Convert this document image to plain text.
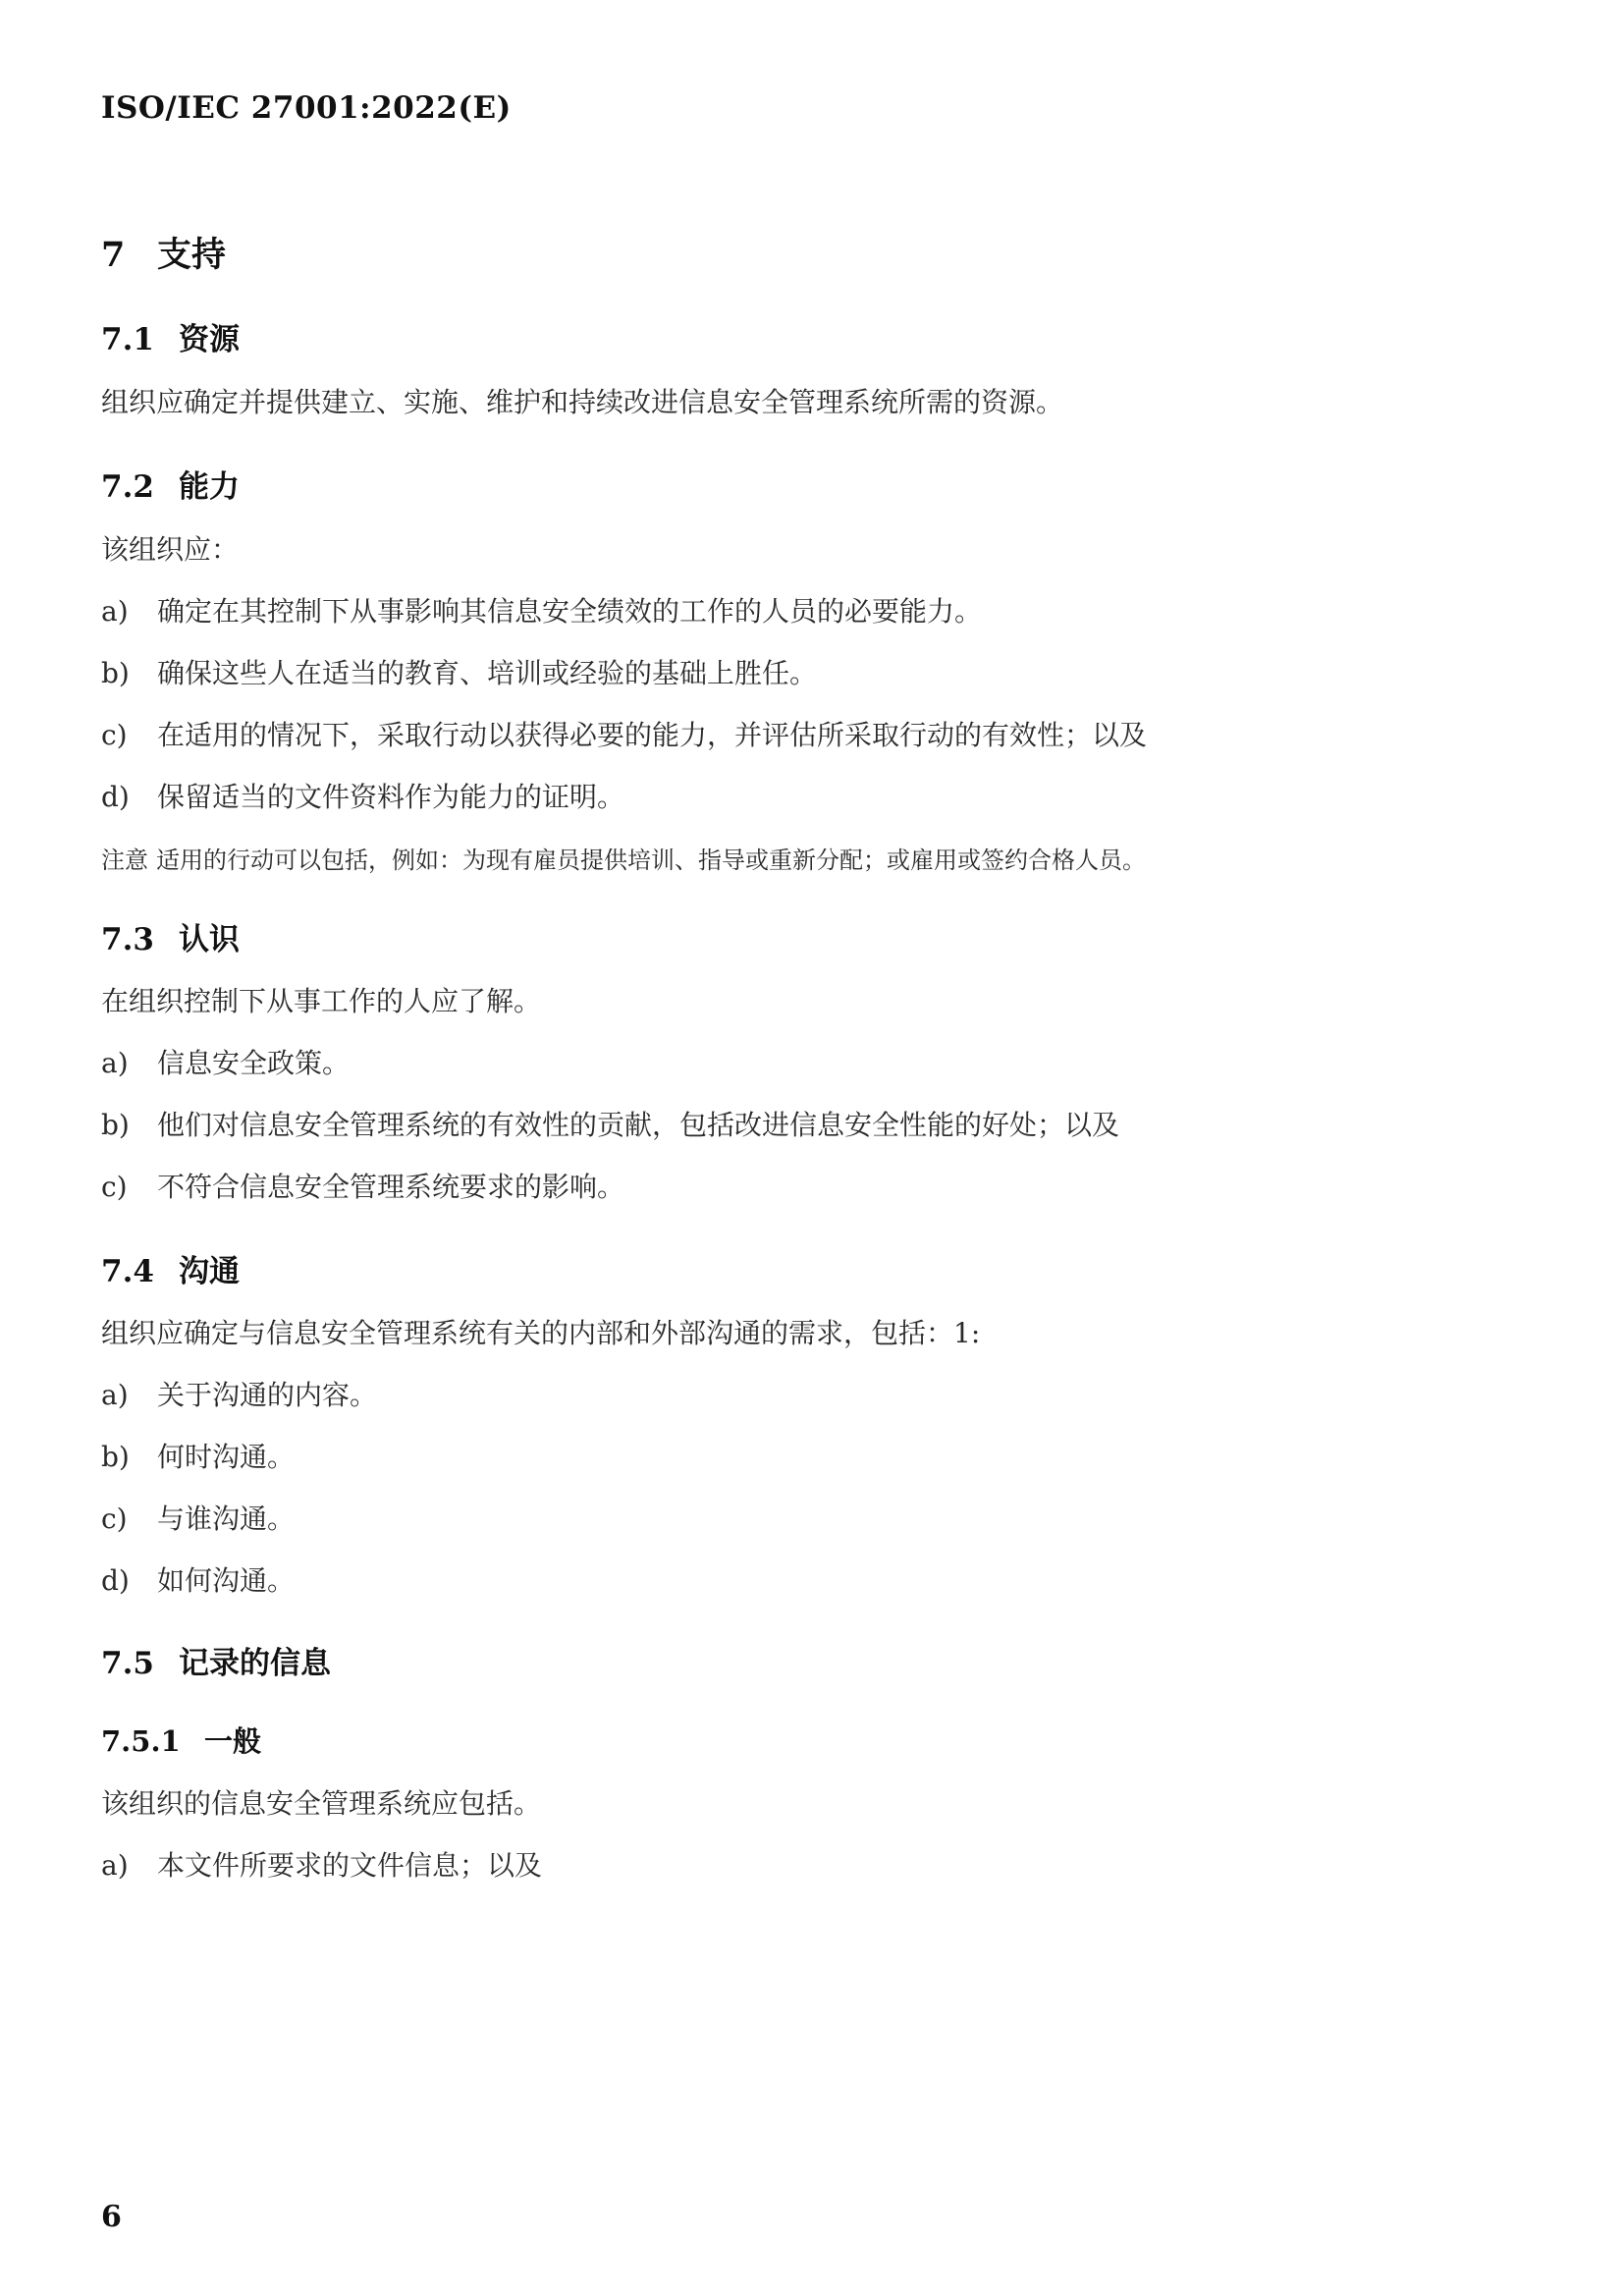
ISO/IEC 27001:2022(E)
7 支持
7.1 资源
组织应确定并提供建立、实施、维护和持续改进信息安全管理系统所需的资源。
7.2 能力
该组织应：
a) 确定在其控制下从事影响其信息安全绩效的工作的人员的必要能力。
b) 确保这些人在适当的教育、培训或经验的基础上胜任。
c) 在适用的情况下，采取行动以获得必要的能力，并评估所采取行动的有效性；以及
d) 保留适当的文件资料作为能力的证明。
注意 适用的行动可以包括，例如：为现有雇员提供培训、指导或重新分配；或雇用或签约合格人员。
7.3 认识
在组织控制下从事工作的人应了解。
a) 信息安全政策。
b) 他们对信息安全管理系统的有效性的贡献，包括改进信息安全性能的好处；以及
c) 不符合信息安全管理系统要求的影响。
7.4 沟通
组织应确定与信息安全管理系统有关的内部和外部沟通的需求，包括：1:
a) 关于沟通的内容。
b) 何时沟通。
c) 与谁沟通。
d) 如何沟通。
7.5 记录的信息
7.5.1 一般
该组织的信息安全管理系统应包括。
a) 本文件所要求的文件信息；以及
6
